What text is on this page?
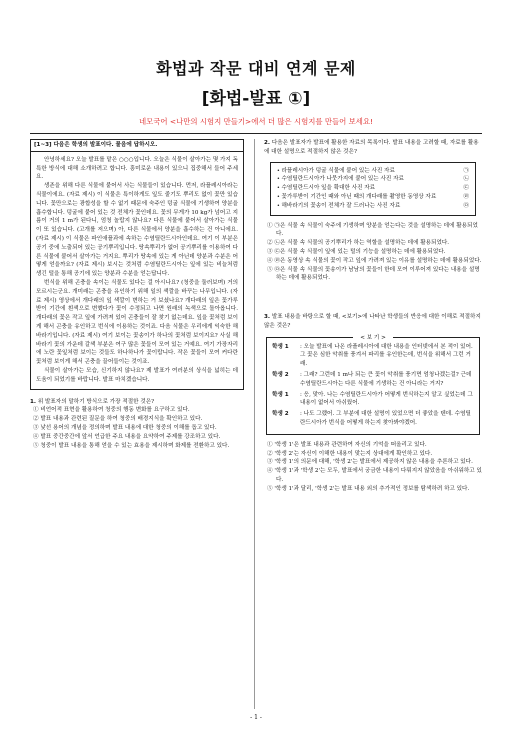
화법과 작문 대비 연계 문제
[화법-발표 ①]
네모국어 <나만의 시험지 만들기>에서 더 많은 시험지를 만들어 보세요!
[1~3] 다음은 학생의 발표이다. 물음에 답하시오.

안녕하세요? 오늘 발표를 맡은 ○○○입니다. 오늘은 식물이 살아가는 몇 가지 독특한 방식에 대해 소개하려고 합니다. 흥미로운 내용이 있으니 집중해서 들어 주세요.

생존을 위해 다른 식물에 붙어서 사는 식물들이 있습니다. 먼저, 라플레시아라는 식물이에요. (자료 제시) 이 식물은 특이하게도 잎도 줄기도 뿌리도 없이 꽃만 있습니다. 꽃만으로는 광합성을 할 수 없기 때문에 숙주인 덩굴 식물에 기생하여 양분을 흡수합니다. 덩굴에 붙어 있는 것 전체가 꽃인데요. 꽃의 무게가 10 kg가 넘어고 지름이 거의 1 m가 된다니, 엄청 놀랍지 않나요? 다른 식물에 붙어서 살아가는 식물이 또 있습니다. (고개를 저으며) 아, 다른 식물에서 양분을 흡수하는 건 아니에요. (자료 제시) 이 식물은 파인애플과에 속하는 수염틸란드시아인데요. 여기 이 부분은 공기 중에 노출되어 있는 공기뿌리입니다. 땅속뿌리가 없어 공기뿌리를 이용하여 다른 식물에 붙어서 살아가는 거지요. 뿌리가 땅속에 있는 게 아닌데 양분과 수분은 어떻게 얻을까요? (자료 제시) 보시는 것처럼 수염틸란드시아는 잎에 있는 비늘처럼 생긴 털을 통해 공기에 있는 양분과 수분을 얻는답니다.

번식을 위해 곤충을 속이는 식물도 있다는 걸 아시나요? (청중을 둘러보며) 거의 모르시는군요. 개미래는 곤충을 유인하기 위해 일의 색깔을 바꾸는 나무입니다. (자료 제시) 영상에서 개다래의 잎 색깔이 변하는 거 보셨나요? 개다래의 잎은 꽃가루받이 기간에 흰색으로 변했다가 꽃이 수정되고 나면 원래의 녹색으로 돌아옵니다. 개다래의 꽃은 작고 잎에 가려져 있어 곤충들이 잘 찾기 없는데요. 잎을 꽃처럼 보이게 해서 곤충을 유인하고 번식에 이용하는 것이죠. 다음 식물은 우리에게 익숙한 해바라기입니다. (자료 제시) 여기 보이는 꽃송이가 하나의 꽃처럼 보이지요? 사실 해바라기 꽃의 가운데 갈색 부분은 여구 많은 꽃들이 모여 있는 거예요. 여기 가장자리에 노란 꽃잎처럼 보이는 것들도 하나하나가 꽃이랍니다. 작은 꽃들이 모여 커다란 꽃처럼 보이게 해서 곤충을 끌어들이는 것이죠.

식물이 살아가는 모습, 신기하지 않나요? 제 발표가 여러분의 상식을 넓히는 데 도움이 되었기를 바랍니다. 발표 마치겠습니다.

1. 위 발표자의 말하기 방식으로 가장 적절한 것은?
① 비언어적 표현을 활용하여 청중의 행동 변화를 요구하고 있다.
② 발표 내용과 관련된 질문을 하여 청중의 배경지식을 확인하고 있다.
③ 낯선 용어의 개념을 정의하며 발표 내용에 대한 청중의 이해를 돕고 있다.
④ 발표 중간중간에 앞서 언급한 주요 내용을 요약하여 주제를 강조하고 있다.
⑤ 청중이 발표 내용을 통해 얻을 수 있는 효용을 제시하며 화제를 전환하고 있다.
2. 다음은 발표자가 발표에 활용한 자료의 목록이다. 발표 내용을 고려할 때, 자료를 활용에 대한 설명으로 적절하지 않은 것은?
∙ 라플레시아가 덩굴 식물에 붙어 있는 사진 자료	㉠
∙ 수염틸란드시아가 나뭇가지에 붙어 있는 사진 자료	㉡
∙ 수염틸란드시아 잎을 확대한 사진 자료	㉢
∙ 꽃가루받이 기간인 때와 아닌 때의 개다래를 촬영한 동영상 자료	㉣
∙ 해바라기의 꽃송이 전체가 잘 드러나는 사진 자료	㉤
① ㉠은 식물 속 식물이 숙주에 기생하며 양분을 얻는다는 것을 설명하는 데에 활용되었다.
② ㉡은 식물 속 식물의 공기뿌리가 하는 역할을 설명하는 데에 활용되었다.
③ ㉢은 식물 속 식물이 잎에 있는 털의 기능을 설명하는 데에 활용되었다.
④ ㉣은 동영상 속 식물의 꽃이 작고 잎에 가려져 있는 이유를 설명하는 데에 활용되었다.
⑤ ㉤은 식물 속 식물의 꽃송이가 남남의 꽃들이 한데 모여 이루어져 있다는 내용을 설명하는 데에 활용되었다.
3. 발표 내용을 바탕으로 할 때, <보기>에 나타난 학생들의 반응에 대한 이해로 적절하지 않은 것은?
< 보 기 >
학생 1	: 오늘 발표에 나온 라플레시아에 대한 내용을 인터넷에서 본 적이 있어. 그 꽃은 심한 악취를 풍겨서 파리를 유인한는데, 번식을 위해서 그런 거래.
학생 2	: 그래? 그런데 1 m나 되는 큰 꽃이 악취를 풍기면 엄청나겠는걸? 근데 수염틸란드시아는 다른 식물에 기생하는 건 아니라는 거지?
학생 1	: 응, 맞아. 나는 수염틸란드시아가 어떻게 번식하는지 알고 싶었는데 그 내용이 없어서 아쉬웠어.
학생 2	: 나도 그랬어. 그 부분에 대한 설명이 있었으면 더 좋았을 텐데. 수염틸란드시아가 번식을 어떻게 하는지 찾아봐야겠어.
① '학생 1'은 발표 내용과 관련하여 자신의 기억을 떠올리고 있다.
② '학생 2'는 자신이 이해한 내용이 맞는지 상대에게 확인하고 있다.
③ '학생 1'의 의문에 대해, '학생 2'는 발표에서 제공하지 않은 내용을 추론하고 있다.
④ '학생 1'과 '학생 2'는 모두, 발표에서 궁금한 내용이 다뤄지지 않았음을 아쉬워하고 있다.
⑤ '학생 1'과 달리, '학생 2'는 발표 내용 외의 추가적인 정보를 탐색하려 하고 있다.
- 1 -
